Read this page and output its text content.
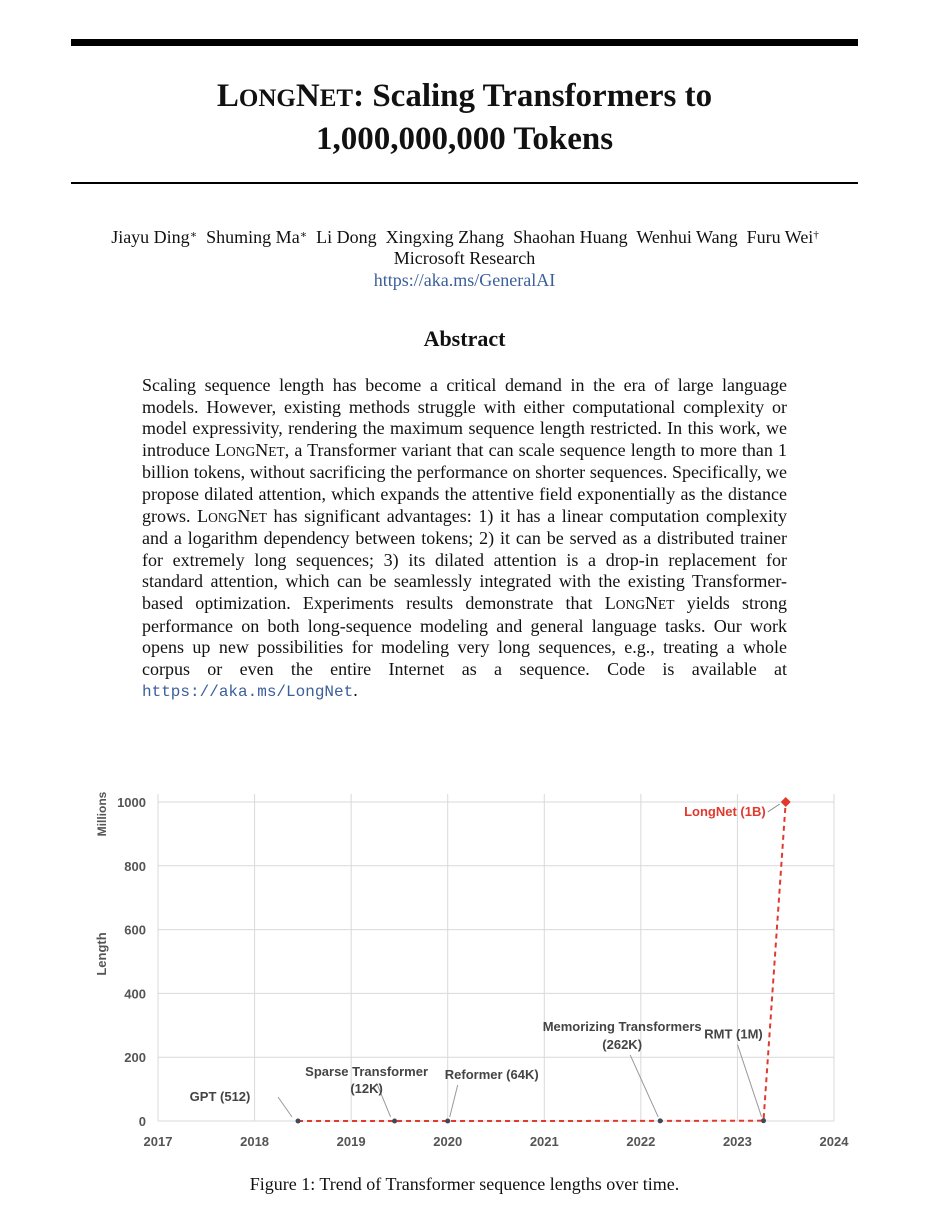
LONGNET: Scaling Transformers to
1,000,000,000 Tokens
Jiayu Ding∗ Shuming Ma∗ Li Dong Xingxing Zhang Shaohan Huang Wenhui Wang Furu Wei†
Microsoft Research
https://aka.ms/GeneralAI
Abstract
Scaling sequence length has become a critical demand in the era of large language models. However, existing methods struggle with either computational complexity or model expressivity, rendering the maximum sequence length restricted. In this work, we introduce LONGNET, a Transformer variant that can scale sequence length to more than 1 billion tokens, without sacrificing the performance on shorter sequences. Specifically, we propose dilated attention, which expands the attentive field exponentially as the distance grows. LONGNET has significant advantages: 1) it has a linear computation complexity and a logarithm dependency between tokens; 2) it can be served as a distributed trainer for extremely long sequences; 3) its dilated attention is a drop-in replacement for standard attention, which can be seamlessly integrated with the existing Transformer-based optimization. Experiments results demonstrate that LONGNET yields strong performance on both long-sequence modeling and general language tasks. Our work opens up new possibilities for modeling very long sequences, e.g., treating a whole corpus or even the entire Internet as a sequence. Code is available at https://aka.ms/LongNet.
2017	2018	2019	2020	2021	2022	2023	2024
0
200
400
600
800
1000
Length
Millions
GPT (512)
Sparse Transformer
(12K)
Reformer (64K)
Memorizing Transformers
(262K)
RMT (1M)
LongNet (1B)
Figure 1: Trend of Transformer sequence lengths over time.
